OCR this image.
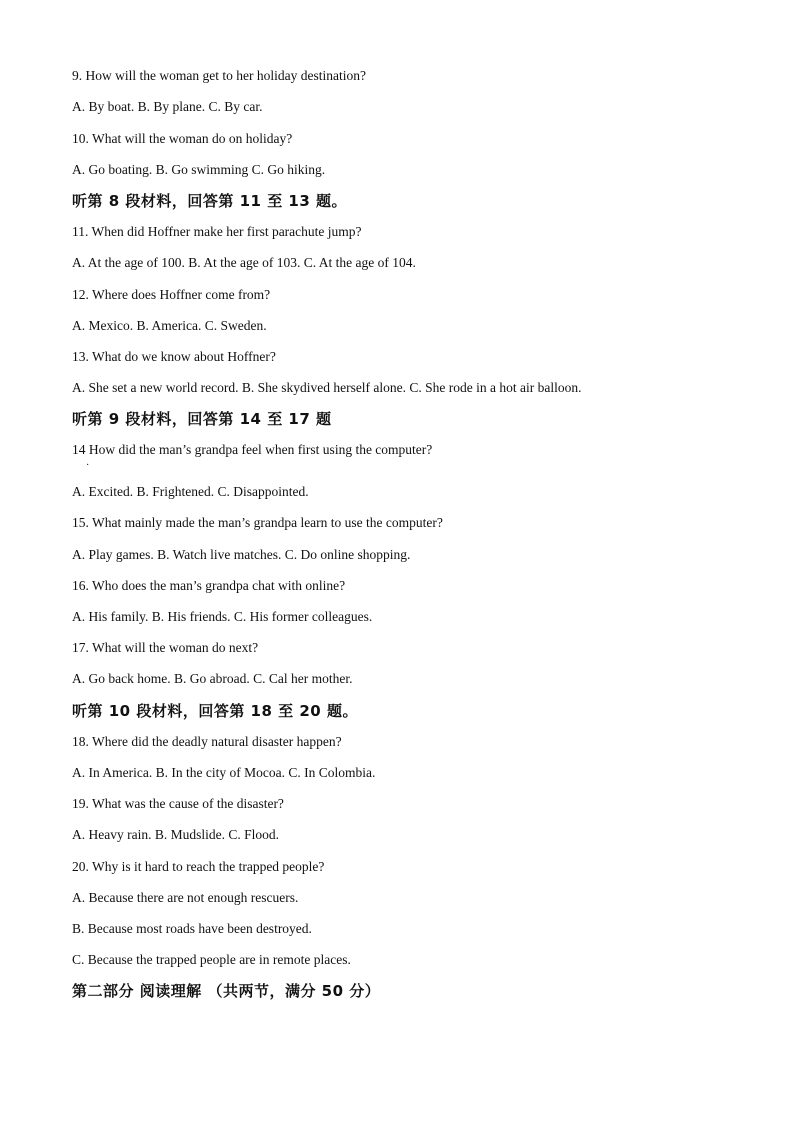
9. How will the woman get to her holiday destination?
A. By boat. B. By plane. C. By car.
10. What will the woman do on holiday?
A. Go boating. B. Go swimming C. Go hiking.
听第 8 段材料，回答第 11 至 13 题。
11. When did Hoffner make her first parachute jump?
A. At the age of 100. B. At the age of 103. C. At the age of 104.
12. Where does Hoffner come from?
A. Mexico. B. America. C. Sweden.
13. What do we know about Hoffner?
A. She set a new world record. B. She skydived herself alone. C. She rode in a hot air balloon.
听第 9 段材料，回答第 14 至 17 题
14 How did the man’s grandpa feel when first using the computer?
·
A. Excited. B. Frightened. C. Disappointed.
15. What mainly made the man’s grandpa learn to use the computer?
A. Play games. B. Watch live matches. C. Do online shopping.
16. Who does the man’s grandpa chat with online?
A. His family. B. His friends. C. His former colleagues.
17. What will the woman do next?
A. Go back home. B. Go abroad. C. Cal her mother.
听第 10 段材料，回答第 18 至 20 题。
18. Where did the deadly natural disaster happen?
A. In America. B. In the city of Mocoa. C. In Colombia.
19. What was the cause of the disaster?
A. Heavy rain. B. Mudslide. C. Flood.
20. Why is it hard to reach the trapped people?
A. Because there are not enough rescuers.
B. Because most roads have been destroyed.
C. Because the trapped people are in remote places.
第二部分 阅读理解 （共两节，满分 50 分）
